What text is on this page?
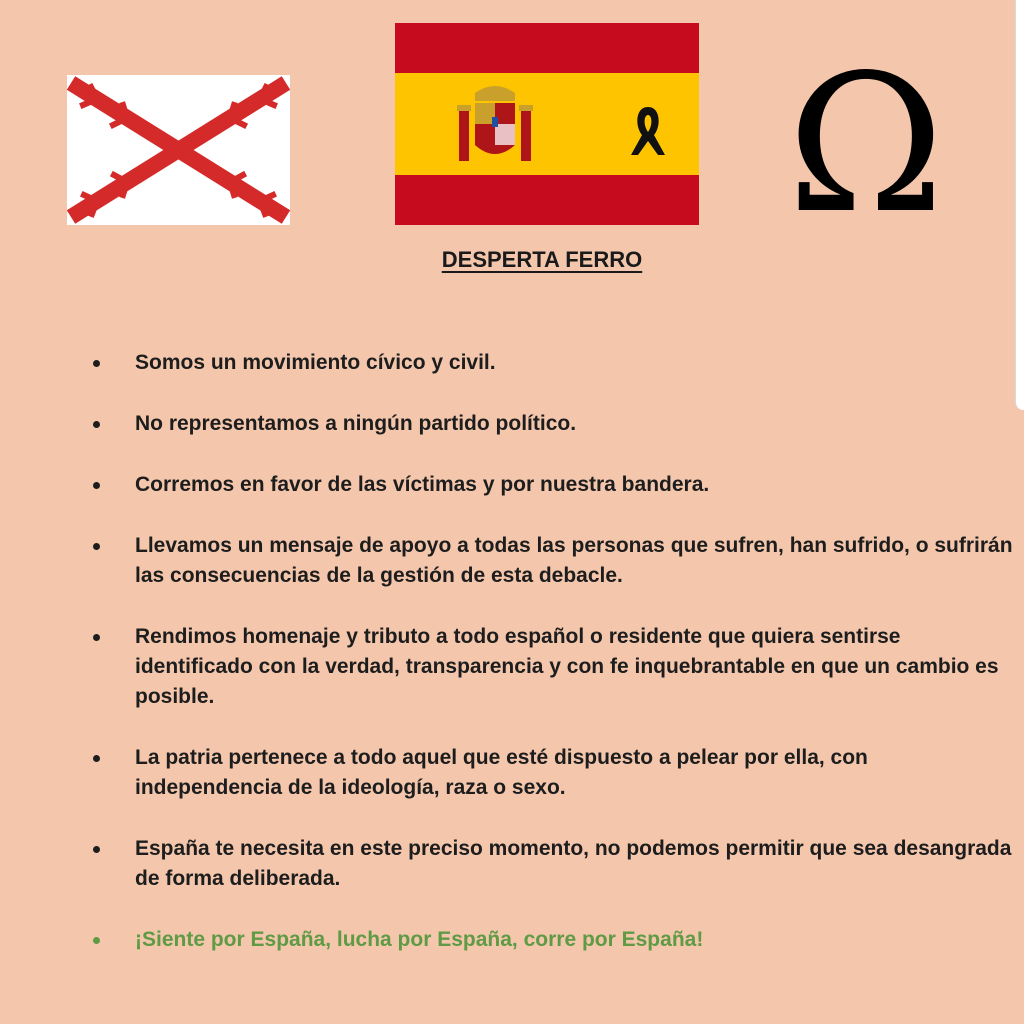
Ω
DESPERTA FERRO
Somos un movimiento cívico y civil.
No representamos a ningún partido político.
Corremos en favor de las víctimas y por nuestra bandera.
Llevamos un mensaje de apoyo a todas las personas que sufren, han sufrido, o sufrirán las consecuencias de la gestión de esta debacle.
Rendimos homenaje y tributo a todo español o residente que quiera sentirse identificado con la verdad, transparencia y con fe inquebrantable en que un cambio es posible.
La patria pertenece a todo aquel que esté dispuesto a pelear por ella, con independencia de la ideología, raza o sexo.
España te necesita en este preciso momento, no podemos permitir que sea desangrada de forma deliberada.
¡Siente por España, lucha por España, corre por España!
